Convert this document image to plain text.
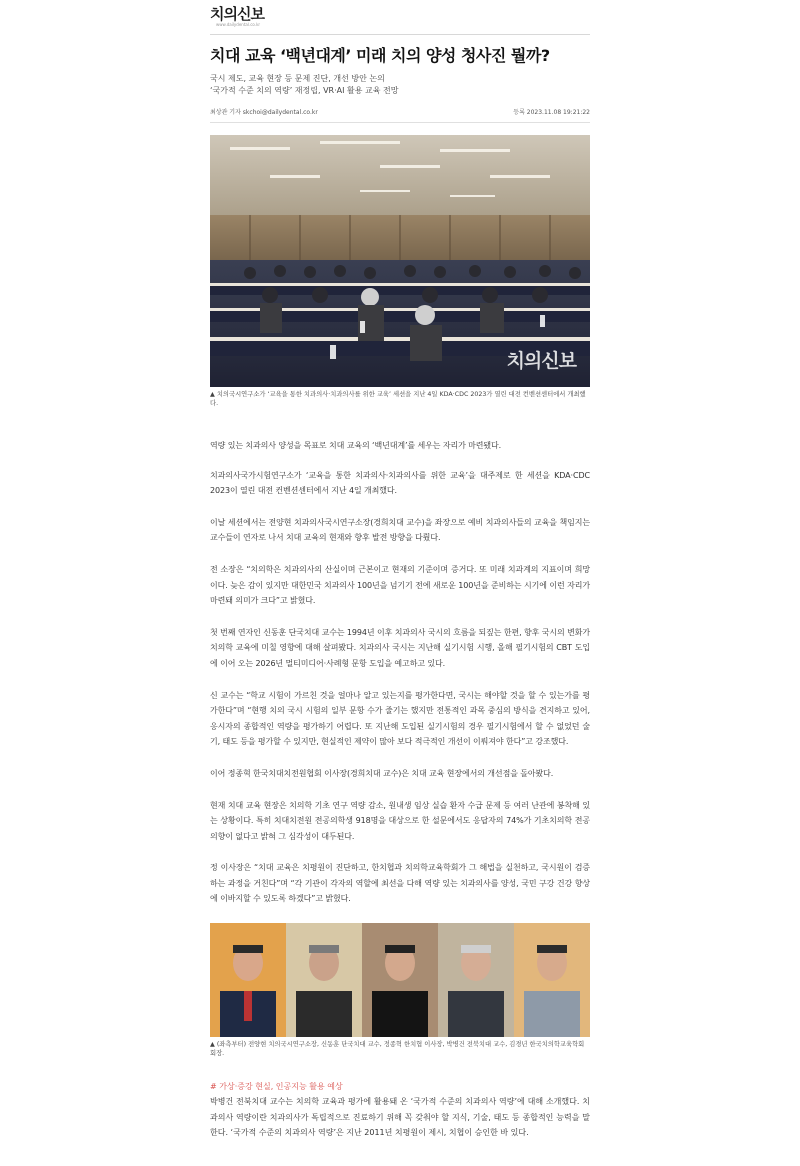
치의신보
www.dailydental.co.kr
치대 교육 ‘백년대계’ 미래 치의 양성 청사진 뭘까?
국시 제도, 교육 현장 등 문제 진단, 개선 방안 논의
‘국가적 수준 치의 역량’ 재정립, VR·AI 활용 교육 전망
최상관 기자 skchoi@dailydental.co.kr	등록 2023.11.08 19:21:22
치의신보
▲ 치의국시연구소가 ‘교육을 통한 치과의사·치과의사를 위한 교육’ 세션을 지난 4일 KDA·CDC 2023가 열린 대전 컨벤션센터에서 개최했다.

역량 있는 치과의사 양성을 목표로 치대 교육의 ‘백년대계’를 세우는 자리가 마련됐다.

치과의사국가시험연구소가 ‘교육을 통한 치과의사·치과의사를 위한 교육’을 대주제로 한 세션을 KDA·CDC 2023이 열린 대전 컨벤션센터에서 지난 4일 개최했다.

이날 세션에서는 전양현 치과의사국시연구소장(경희치대 교수)을 좌장으로 예비 치과의사들의 교육을 책임지는 교수들이 연자로 나서 치대 교육의 현재와 향후 발전 방향을 다뤘다.

전 소장은 “치의학은 치과의사의 산실이며 근본이고 현재의 기준이며 증거다. 또 미래 치과계의 지표이며 희망이다. 늦은 감이 있지만 대한민국 치과의사 100년을 넘기기 전에 새로운 100년을 준비하는 시기에 이런 자리가 마련돼 의미가 크다”고 밝혔다.

첫 번째 연자인 신동훈 단국치대 교수는 1994년 이후 치과의사 국시의 흐름을 되짚는 한편, 향후 국시의 변화가 치의학 교육에 미칠 영향에 대해 살펴봤다. 치과의사 국시는 지난해 실기시험 시행, 올해 필기시험의 CBT 도입에 이어 오는 2026년 멀티미디어·사례형 문항 도입을 예고하고 있다.

신 교수는 “학교 시험이 가르친 것을 얼마나 알고 있는지를 평가한다면, 국시는 해야할 것을 할 수 있는가를 평가한다”며 “현행 치의 국시 시험의 일부 문항 수가 줄기는 했지만 전통적인 과목 중심의 방식을 견지하고 있어, 응시자의 종합적인 역량을 평가하기 어렵다. 또 지난해 도입된 실기시험의 경우 필기시험에서 할 수 없었던 술기, 태도 등을 평가할 수 있지만, 현실적인 제약이 많아 보다 적극적인 개선이 이뤄져야 한다”고 강조했다.

이어 정종혁 한국치대치전원협회 이사장(경희치대 교수)은 치대 교육 현장에서의 개선점을 돌아봤다.

현재 치대 교육 현장은 치의학 기초 연구 역량 감소, 원내생 임상 실습 환자 수급 문제 등 여러 난관에 봉착해 있는 상황이다. 특히 치대치전원 전공의학생 918명을 대상으로 한 설문에서도 응답자의 74%가 기초치의학 전공 의향이 없다고 밝혀 그 심각성이 대두된다.

정 이사장은 “치대 교육은 치평원이 진단하고, 한치협과 치의학교육학회가 그 해법을 실천하고, 국시원이 검증하는 과정을 거친다”며 “각 기관이 각자의 역할에 최선을 다해 역량 있는 치과의사를 양성, 국민 구강 건강 향상에 이바지할 수 있도록 하겠다”고 밝혔다.

▲ (좌측부터) 전양현 치의국시연구소장, 신동훈 단국치대 교수, 정종혁 한치협 이사장, 박병건 전북치대 교수, 김경년 한국치의학교육학회 회장.
# 가상·증강 현실, 인공지능 활용 예상

박병건 전북치대 교수는 치의학 교육과 평가에 활용돼 온 ‘국가적 수준의 치과의사 역량’에 대해 소개했다. 치과의사 역량이란 치과의사가 독립적으로 진료하기 위해 꼭 갖춰야 할 지식, 기술, 태도 등 종합적인 능력을 말한다. ‘국가적 수준의 치과의사 역량’은 지난 2011년 치평원이 제시, 치협이 승인한 바 있다.
